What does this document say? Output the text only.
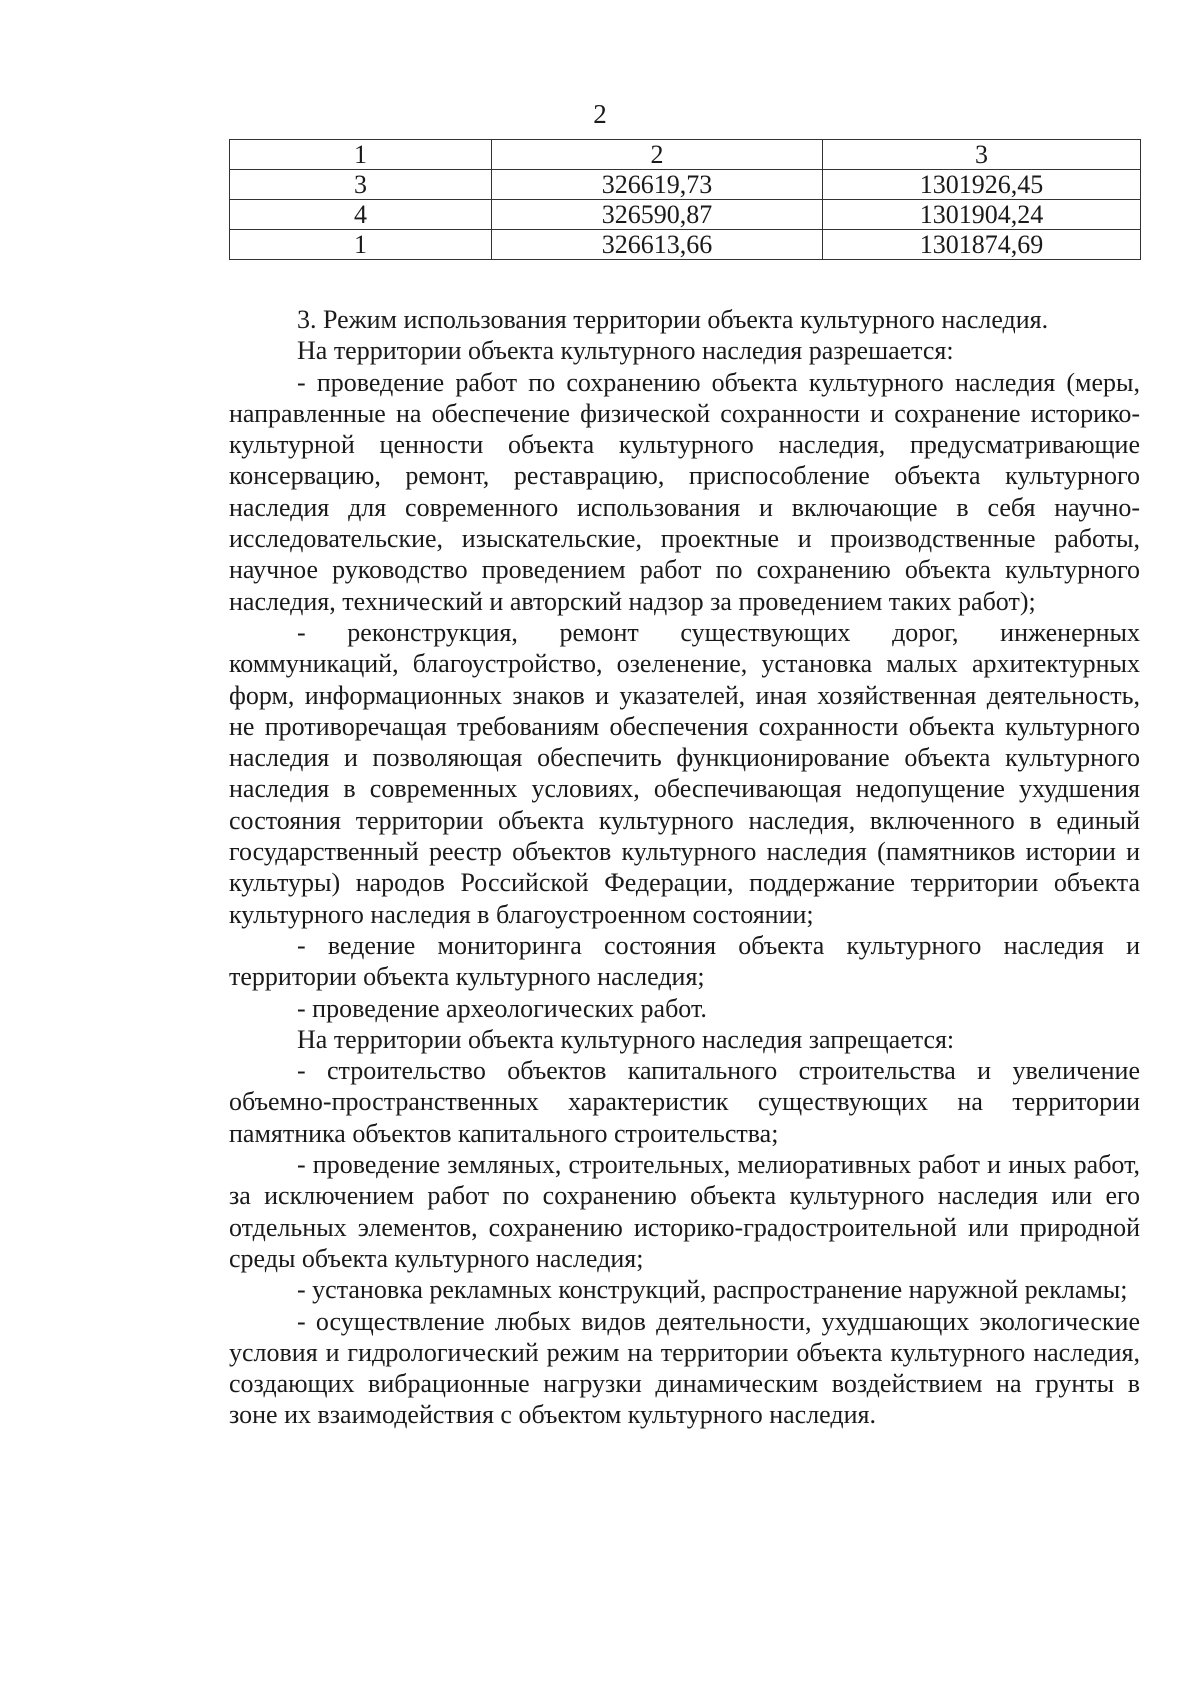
2
1	2	3
3	326619,73	1301926,45
4	326590,87	1301904,24
1	326613,66	1301874,69

3. Режим использования территории объекта культурного наследия.

На территории объекта культурного наследия разрешается:

- проведение работ по сохранению объекта культурного наследия (меры, направленные на обеспечение физической сохранности и сохранение историко-культурной ценности объекта культурного наследия, предусматривающие консервацию, ремонт, реставрацию, приспособление объекта культурного наследия для современного использования и включающие в себя научно-исследовательские, изыскательские, проектные и производственные работы, научное руководство проведением работ по сохранению объекта культурного наследия, технический и авторский надзор за проведением таких работ);

- реконструкция, ремонт существующих дорог, инженерных коммуникаций, благоустройство, озеленение, установка малых архитектурных форм, информационных знаков и указателей, иная хозяйственная деятельность, не противоречащая требованиям обеспечения сохранности объекта культурного наследия и позволяющая обеспечить функционирование объекта культурного наследия в современных условиях, обеспечивающая недопущение ухудшения состояния территории объекта культурного наследия, включенного в единый государственный реестр объектов культурного наследия (памятников истории и культуры) народов Российской Федерации, поддержание территории объекта культурного наследия в благоустроенном состоянии;

- ведение мониторинга состояния объекта культурного наследия и территории объекта культурного наследия;

- проведение археологических работ.

На территории объекта культурного наследия запрещается:

- строительство объектов капитального строительства и увеличение объемно-пространственных характеристик существующих на территории памятника объектов капитального строительства;

- проведение земляных, строительных, мелиоративных работ и иных работ, за исключением работ по сохранению объекта культурного наследия или его отдельных элементов, сохранению историко-градостроительной или природной среды объекта культурного наследия;

- установка рекламных конструкций, распространение наружной рекламы;

- осуществление любых видов деятельности, ухудшающих экологические условия и гидрологический режим на территории объекта культурного наследия, создающих вибрационные нагрузки динамическим воздействием на грунты в зоне их взаимодействия с объектом культурного наследия.
